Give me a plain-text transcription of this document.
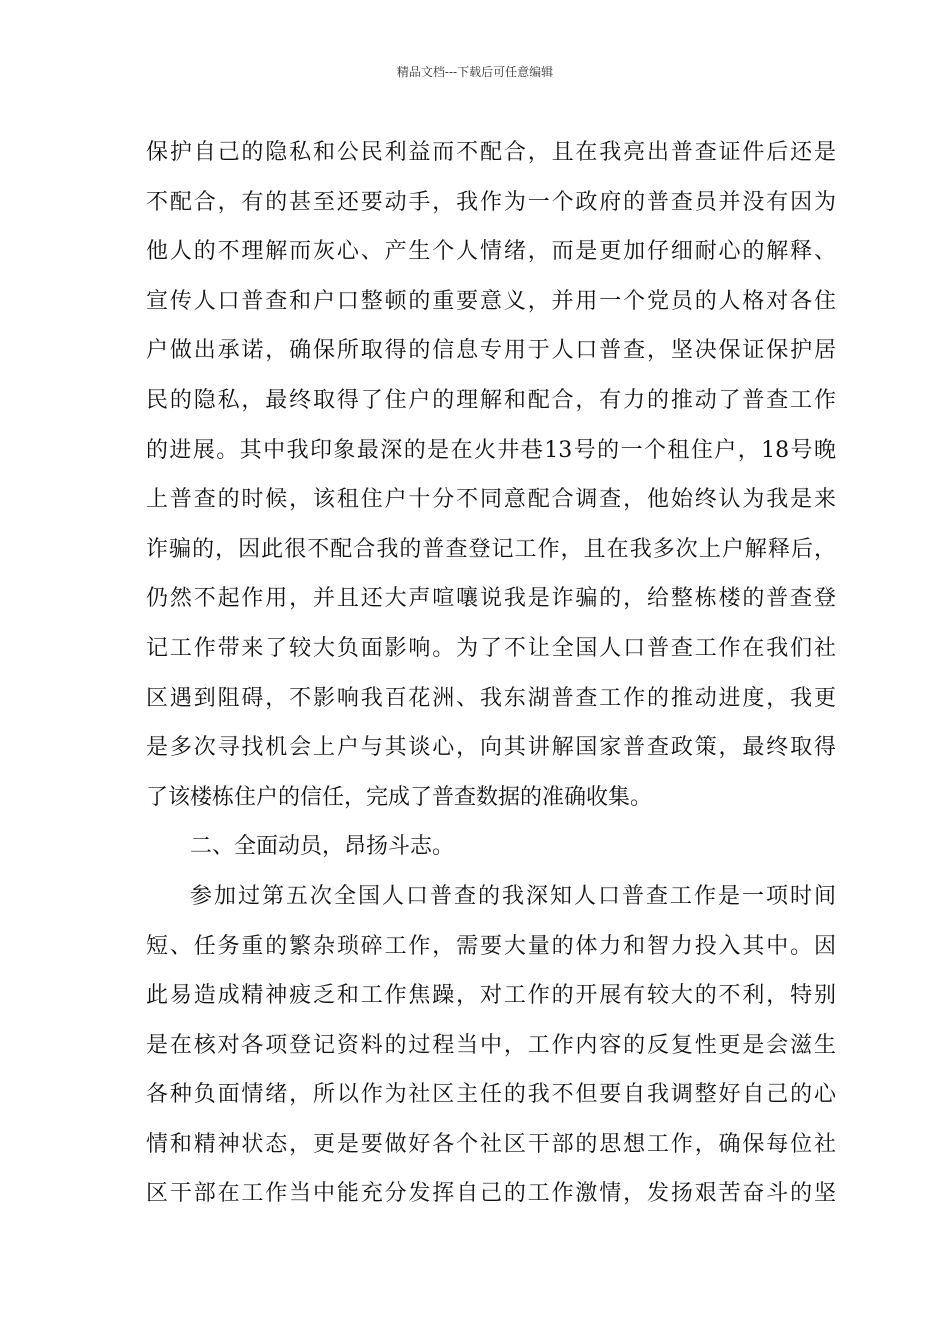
精品文档---下载后可任意编辑
保护自己的隐私和公民利益而不配合，且在我亮出普查证件后还是
不配合，有的甚至还要动手，我作为一个政府的普查员并没有因为
他人的不理解而灰心、产生个人情绪，而是更加仔细耐心的解释、
宣传人口普查和户口整顿的重要意义，并用一个党员的人格对各住
户做出承诺，确保所取得的信息专用于人口普查，坚决保证保护居
民的隐私，最终取得了住户的理解和配合，有力的推动了普查工作
的进展。其中我印象最深的是在火井巷13号的一个租住户，18号晚
上普查的时候，该租住户十分不同意配合调查，他始终认为我是来
诈骗的，因此很不配合我的普查登记工作，且在我多次上户解释后，
仍然不起作用，并且还大声喧嚷说我是诈骗的，给整栋楼的普查登
记工作带来了较大负面影响。为了不让全国人口普查工作在我们社
区遇到阻碍，不影响我百花洲、我东湖普查工作的推动进度，我更
是多次寻找机会上户与其谈心，向其讲解国家普查政策，最终取得
了该楼栋住户的信任，完成了普查数据的准确收集。
二、全面动员，昂扬斗志。
参加过第五次全国人口普查的我深知人口普查工作是一项时间
短、任务重的繁杂琐碎工作，需要大量的体力和智力投入其中。因
此易造成精神疲乏和工作焦躁，对工作的开展有较大的不利，特别
是在核对各项登记资料的过程当中，工作内容的反复性更是会滋生
各种负面情绪，所以作为社区主任的我不但要自我调整好自己的心
情和精神状态，更是要做好各个社区干部的思想工作，确保每位社
区干部在工作当中能充分发挥自己的工作激情，发扬艰苦奋斗的坚
